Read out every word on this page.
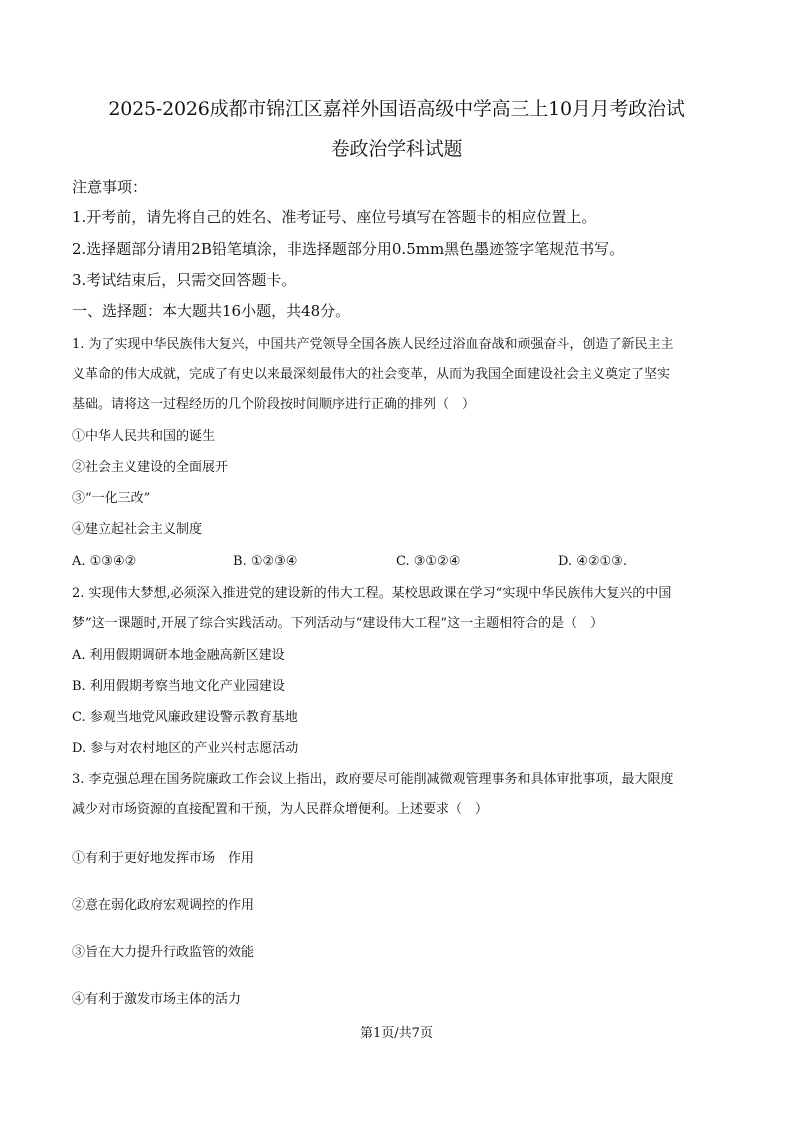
2025-2026成都市锦江区嘉祥外国语高级中学高三上10月月考政治试
卷政治学科试题
注意事项：
1.开考前，请先将自己的姓名、准考证号、座位号填写在答题卡的相应位置上。
2.选择题部分请用2B铅笔填涂，非选择题部分用0.5mm黑色墨迹签字笔规范书写。
3.考试结束后，只需交回答题卡。
一、选择题：本大题共16小题，共48分。
1. 为了实现中华民族伟大复兴，中国共产党领导全国各族人民经过浴血奋战和顽强奋斗，创造了新民主主
义革命的伟大成就，完成了有史以来最深刻最伟大的社会变革，从而为我国全面建设社会主义奠定了坚实
基础。请将这一过程经历的几个阶段按时间顺序进行正确的排列（　）
①中华人民共和国的诞生
②社会主义建设的全面展开
③“一化三改”
④建立起社会主义制度
A. ①③④②	B. ①②③④	C. ③①②④	D. ④②①③.
2. 实现伟大梦想,必须深入推进党的建设新的伟大工程。某校思政课在学习“实现中华民族伟大复兴的中国
梦”这一课题时,开展了综合实践活动。下列活动与“建设伟大工程”这一主题相符合的是（　）
A. 利用假期调研本地金融高新区建设
B. 利用假期考察当地文化产业园建设
C. 参观当地党风廉政建设警示教育基地
D. 参与对农村地区的产业兴村志愿活动
3. 李克强总理在国务院廉政工作会议上指出，政府要尽可能削减微观管理事务和具体审批事项，最大限度
减少对市场资源的直接配置和干预，为人民群众增便利。上述要求（　）
①有利于更好地发挥市场　作用
②意在弱化政府宏观调控的作用
③旨在大力提升行政监管的效能
④有利于激发市场主体的活力
第1页/共7页
